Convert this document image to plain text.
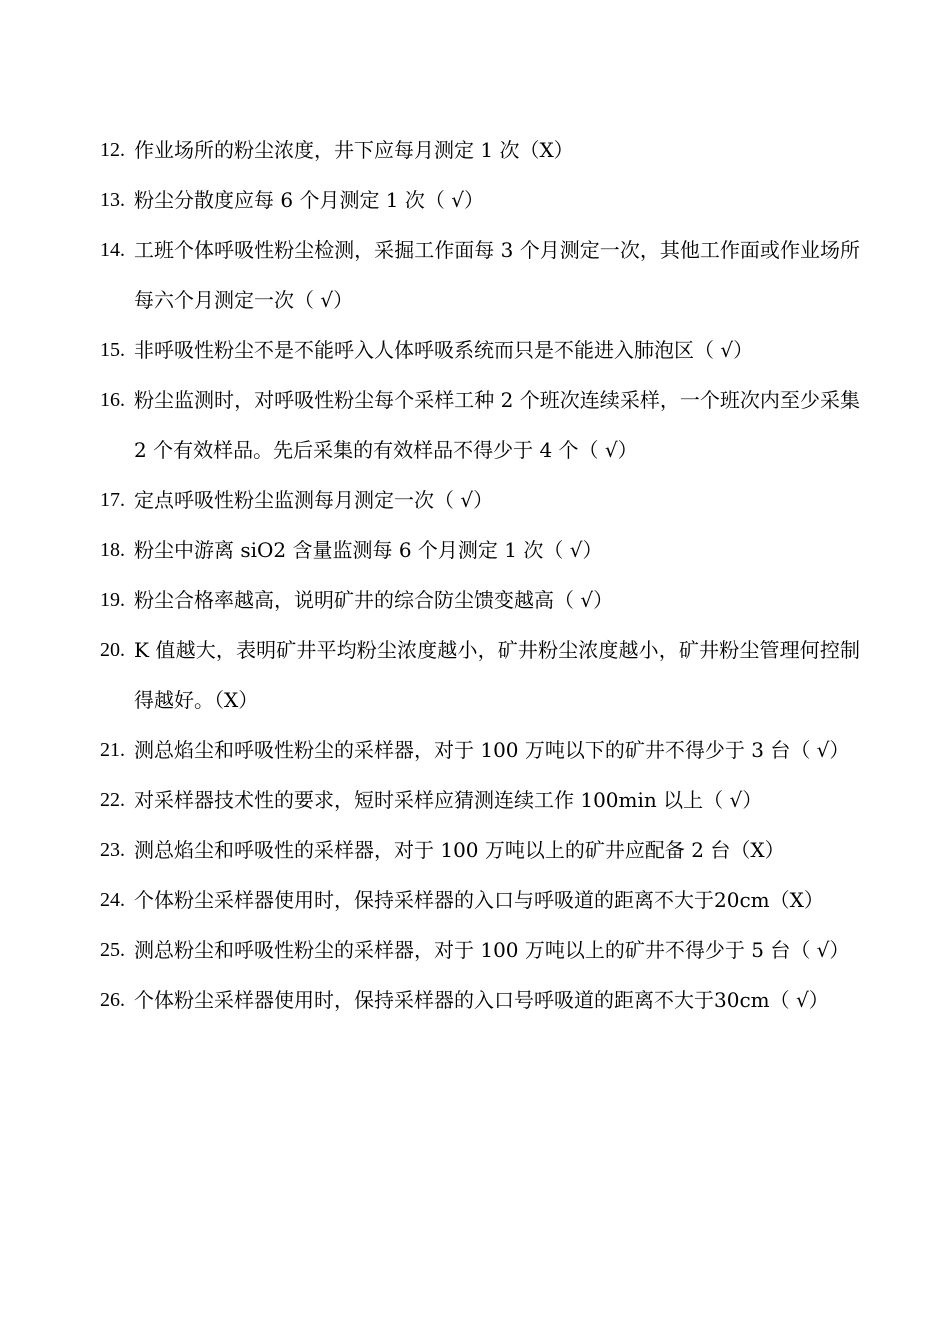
12. 作业场所的粉尘浓度，井下应每月测定 1 次（X）
13. 粉尘分散度应每 6 个月测定 1 次（ √）
14. 工班个体呼吸性粉尘检测，采掘工作面每 3 个月测定一次，其他工作面或作业场所每六个月测定一次（ √）
15. 非呼吸性粉尘不是不能呼入人体呼吸系统而只是不能进入肺泡区（ √）
16. 粉尘监测时，对呼吸性粉尘每个采样工种 2 个班次连续采样，一个班次内至少采集 2 个有效样品。先后采集的有效样品不得少于 4 个（ √）
17. 定点呼吸性粉尘监测每月测定一次（ √）
18. 粉尘中游离 siO2 含量监测每 6 个月测定 1 次（ √）
19. 粉尘合格率越高，说明矿井的综合防尘馈变越高（ √）
20. K 值越大，表明矿井平均粉尘浓度越小，矿井粉尘浓度越小，矿井粉尘管理何控制得越好。（X）
21. 测总焰尘和呼吸性粉尘的采样器，对于 100 万吨以下的矿井不得少于 3 台（ √）
22. 对采样器技术性的要求，短时采样应猜测连续工作 100min 以上（ √）
23. 测总焰尘和呼吸性的采样器，对于 100 万吨以上的矿井应配备 2 台（X）
24. 个体粉尘采样器使用时，保持采样器的入口与呼吸道的距离不大于20cm（X）
25. 测总粉尘和呼吸性粉尘的采样器，对于 100 万吨以上的矿井不得少于 5 台（ √）
26. 个体粉尘采样器使用时，保持采样器的入口号呼吸道的距离不大于30cm（ √）
